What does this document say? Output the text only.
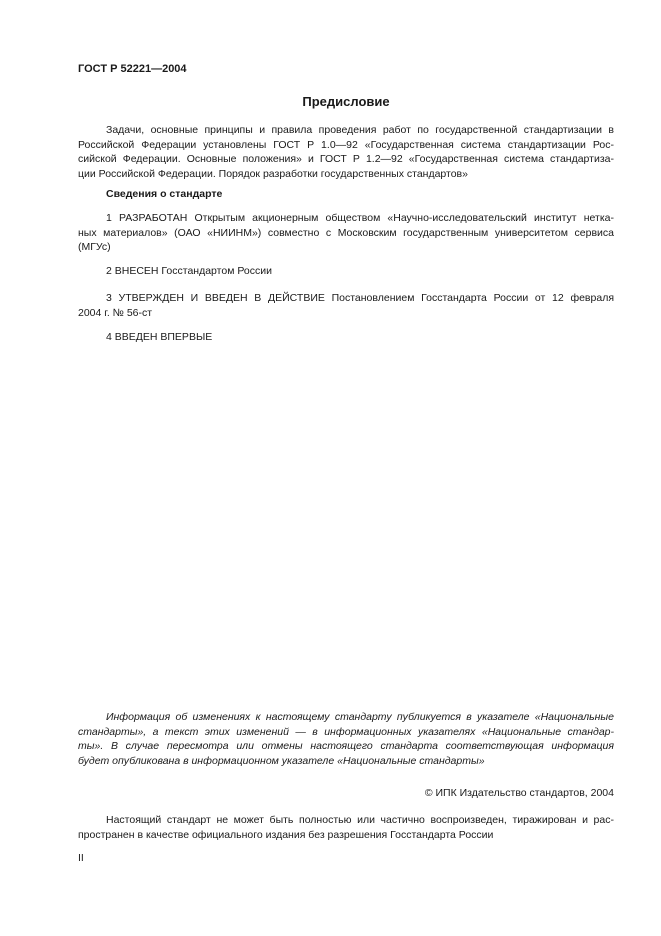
ГОСТ Р 52221—2004
Предисловие
Задачи, основные принципы и правила проведения работ по государственной стандартизации в
Российской Федерации установлены ГОСТ Р 1.0—92 «Государственная система стандартизации Рос-
сийской Федерации. Основные положения» и ГОСТ Р 1.2—92 «Государственная система стандартиза-
ции Российской Федерации. Порядок разработки государственных стандартов»
Сведения о стандарте
1 РАЗРАБОТАН Открытым акционерным обществом «Научно-исследовательский институт нетка-
ных материалов» (ОАО «НИИНМ») совместно с Московским государственным университетом сервиса
(МГУс)
2 ВНЕСЕН Госстандартом России
3 УТВЕРЖДЕН И ВВЕДЕН В ДЕЙСТВИЕ Постановлением Госстандарта России от 12 февраля
2004 г. № 56-ст
4 ВВЕДЕН ВПЕРВЫЕ
Информация об изменениях к настоящему стандарту публикуется в указателе «Национальные
стандарты», а текст этих изменений — в информационных указателях «Национальные стандар-
ты». В случае пересмотра или отмены настоящего стандарта соответствующая информация
будет опубликована в информационном указателе «Национальные стандарты»
© ИПК Издательство стандартов, 2004
Настоящий стандарт не может быть полностью или частично воспроизведен, тиражирован и рас-
пространен в качестве официального издания без разрешения Госстандарта России
II
